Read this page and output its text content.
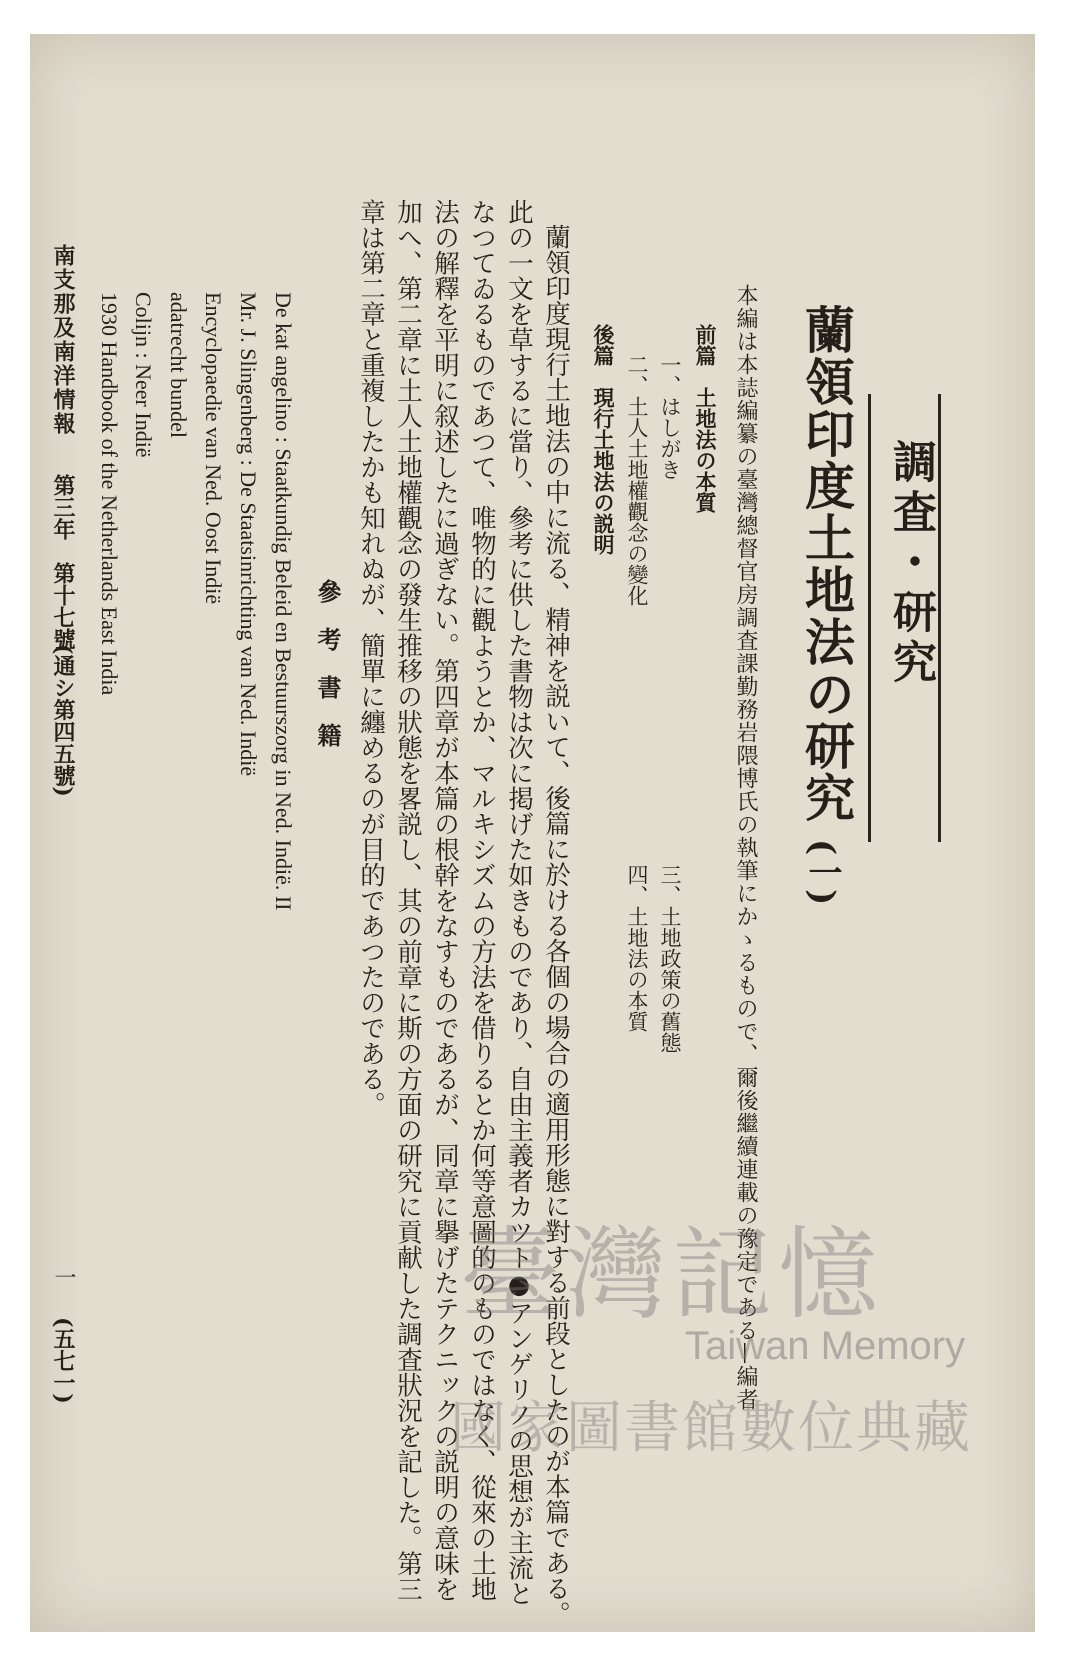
調査・研究
蘭領印度土地法の研究
(一)
本編は本誌編纂の臺灣總督官房調査課勤務岩隈博氏の執筆にかゝるもので、爾後繼續連載の豫定である—編者
前篇　土地法の本質
一、はしがき
二、土人土地權觀念の變化
三、土地政策の舊態
四、土地法の本質
後篇　現行土地法の説明
蘭領印度現行土地法の中に流る、精神を説いて、後篇に於ける各個の場合の適用形態に對する前段としたのが本篇である。
此の一文を草するに當り、參考に供した書物は次に掲げた如きものであり、自由主義者カツト●アンゲリノの思想が主流と
なつてゐるものであつて、唯物的に觀ようとか、マルキシズムの方法を借りるとか何等意圖的のものではなく、從來の土地
法の解釋を平明に叙述したに過ぎない。第四章が本篇の根幹をなすものであるが、同章に擧げたテクニックの説明の意味を
加へ、第二章に土人土地權觀念の發生推移の狀態を畧説し、其の前章に斯の方面の研究に貢献した調査狀況を記した。第三
章は第二章と重複したかも知れぬが、簡單に纏めるのが目的であつたのである。
參　考　書　籍
De kat angelino : Staatkundig Beleid en Bestuurszorg in Ned. Indië. II
Mr. J. Slingenberg : De Staatsinrichting van Ned. Indië
Encyclopaedie van Ned. Oost Indië
adatrecht bundel
Colijn : Neer Indië
1930 Handbook of the Netherlands East India
南支那及南洋情報
第三年　第十七號
(通シ第四五號)
一
(五七一)
臺灣記憶
Taiwan Memory
國家圖書館數位典藏
